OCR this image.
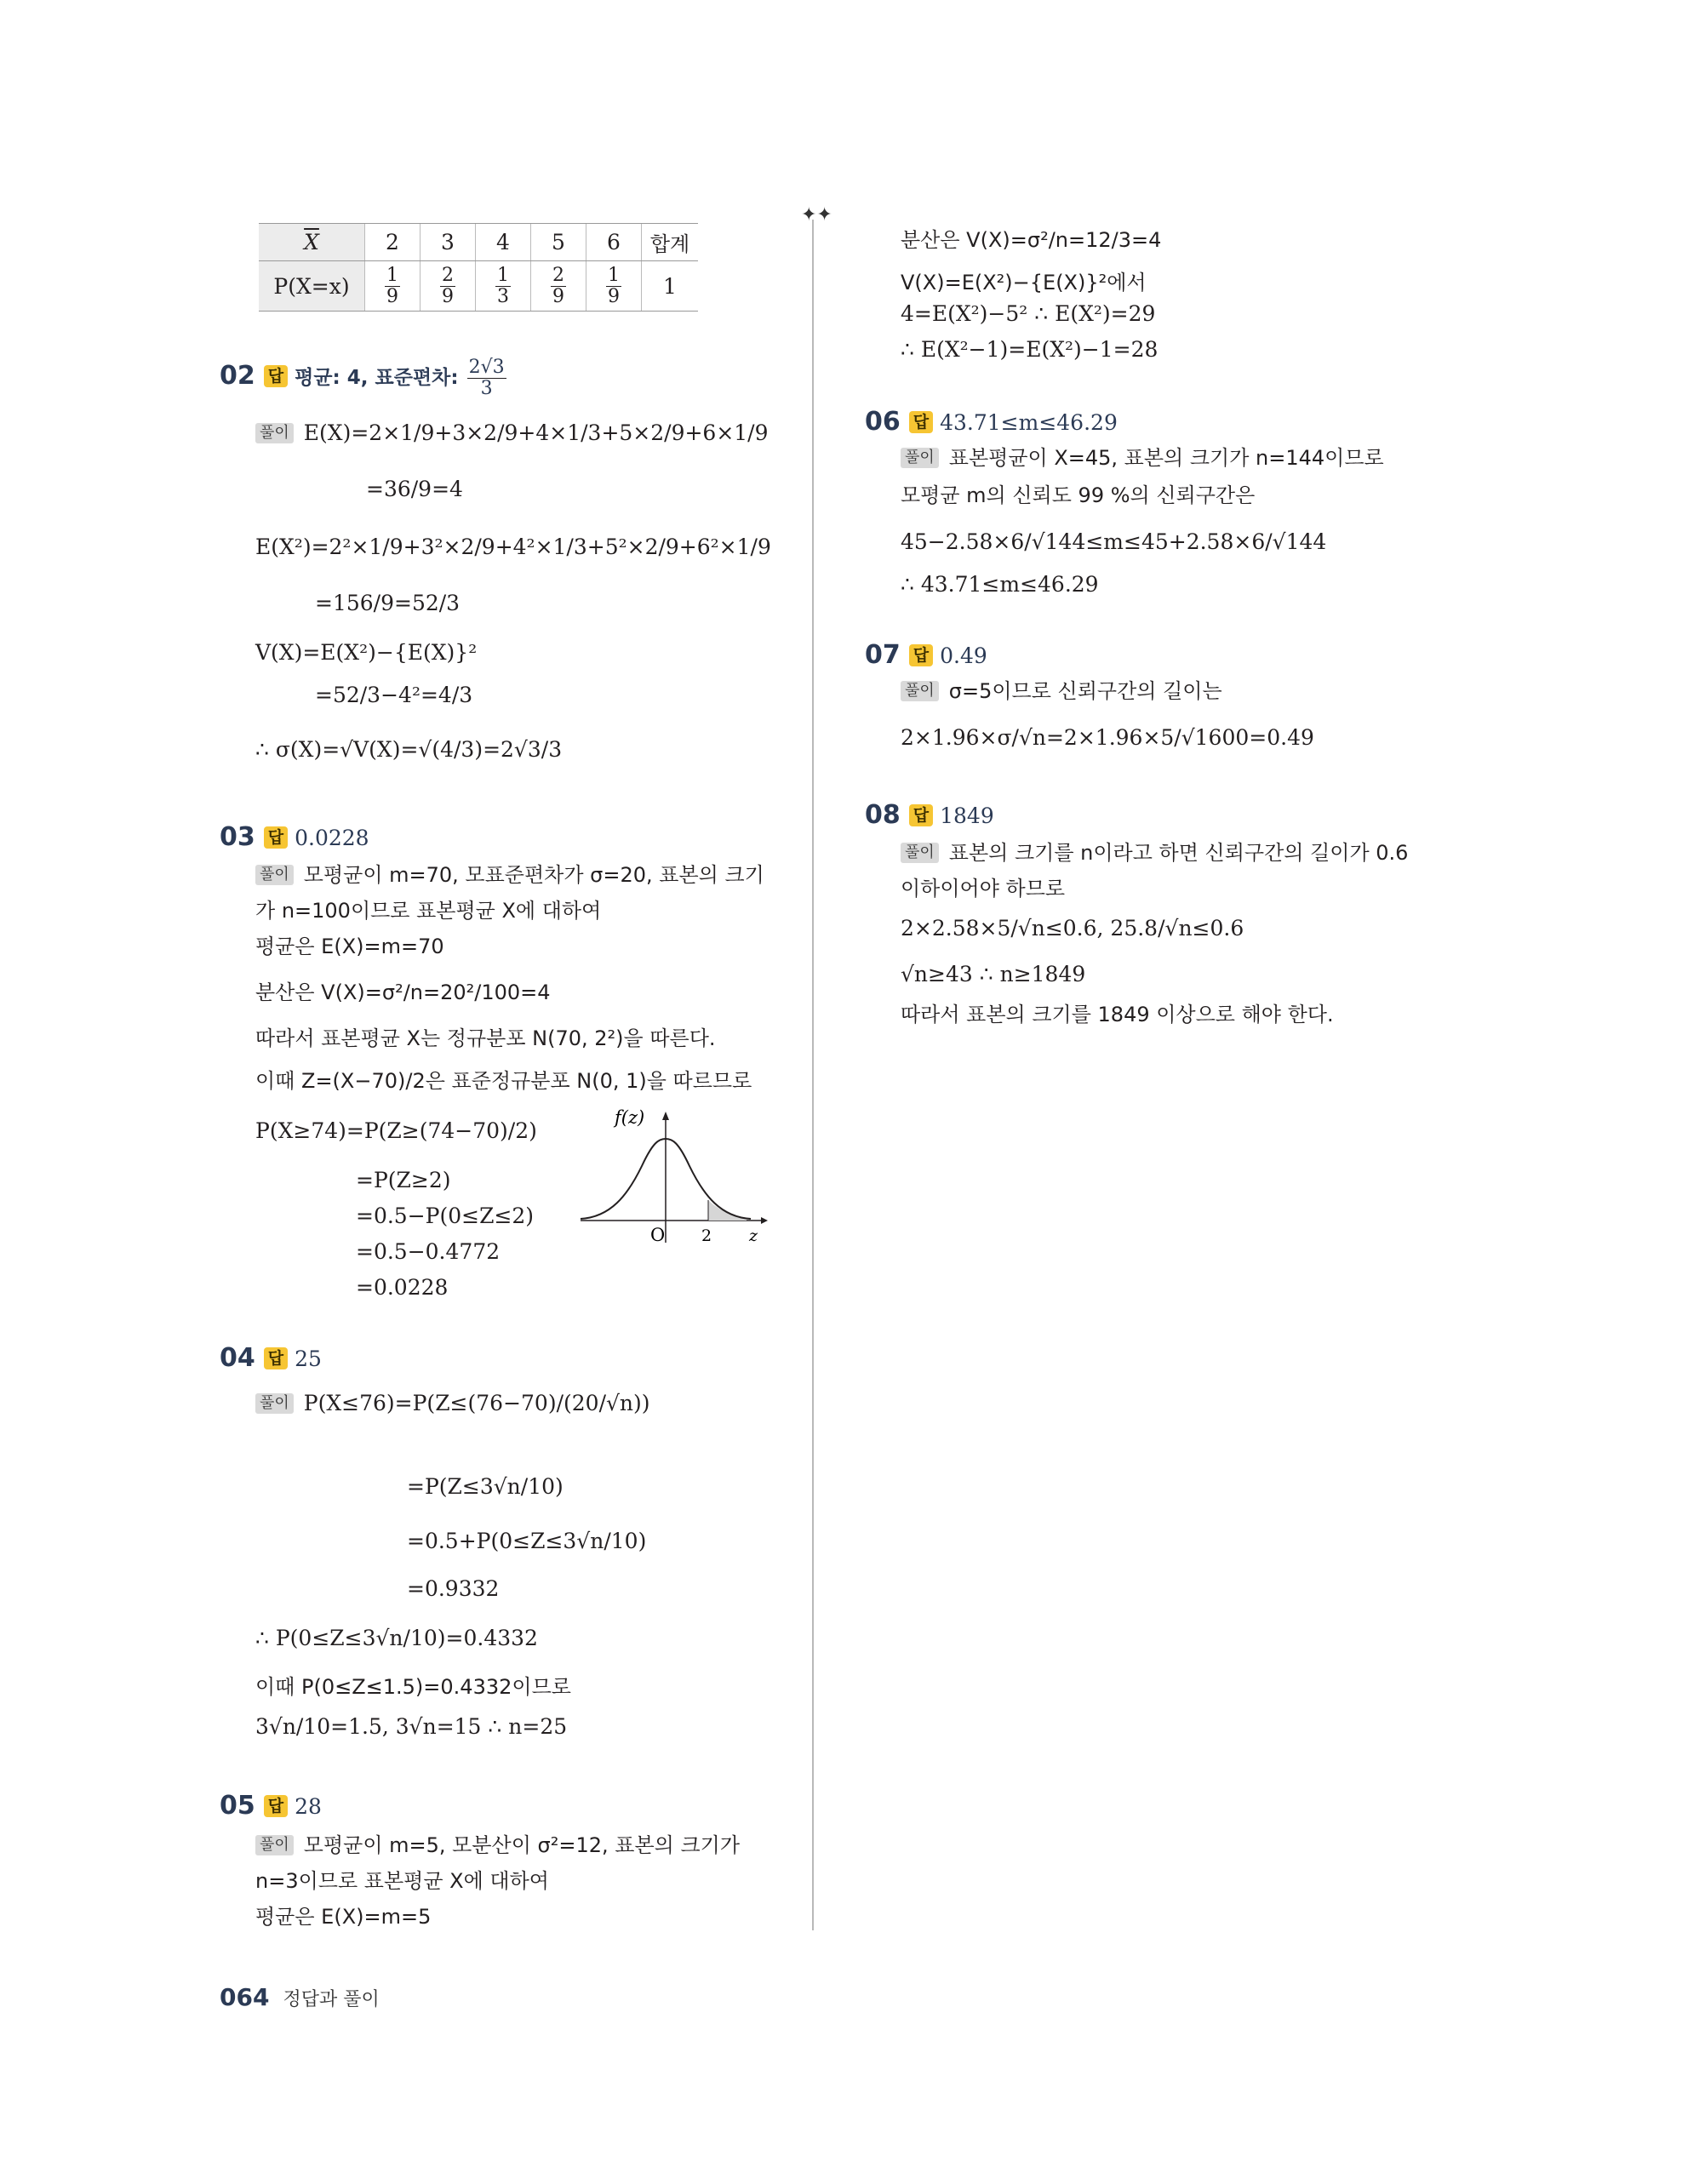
$\overline{X}$	2	3	4	5	6	합계
P(X=x)	$\frac{1}{9}$	$\frac{2}{9}$	$\frac{1}{3}$	$\frac{2}{9}$	$\frac{1}{9}$	1
02 답 평균: 4, 표준편차: $\frac{2√3}{3}$
풀이 E(X)=2×1/9+3×2/9+4×1/3+5×2/9+6×1/9
=36/9=4
E(X²)=2²×1/9+3²×2/9+4²×1/3+5²×2/9+6²×1/9
=156/9=52/3
V(X)=E(X²)−{E(X)}²
=52/3−4²=4/3
∴ σ(X)=√V(X)=√(4/3)=2√3/3
03 답 0.0228
풀이 모평균이 m=70, 모표준편차가 σ=20, 표본의 크기
가 n=100이므로 표본평균 X에 대하여
평균은 E(X)=m=70
분산은 V(X)=σ²/n=20²/100=4
따라서 표본평균 X는 정규분포 N(70, 2²)을 따른다.
이때 Z=(X−70)/2은 표준정규분포 N(0, 1)을 따르므로
P(X≥74)=P(Z≥(74−70)/2)
=P(Z≥2)
=0.5−P(0≤Z≤2)
=0.5−0.4772
=0.0228
f(z)
O 2 z
04 답 25
풀이 P(X≤76)=P(Z≤(76−70)/(20/√n))
=P(Z≤3√n/10)
=0.5+P(0≤Z≤3√n/10)
=0.9332
∴ P(0≤Z≤3√n/10)=0.4332
이때 P(0≤Z≤1.5)=0.4332이므로
3√n/10=1.5, 3√n=15 ∴ n=25
05 답 28
풀이 모평균이 m=5, 모분산이 σ²=12, 표본의 크기가
n=3이므로 표본평균 X에 대하여
평균은 E(X)=m=5
✦✦
분산은 V(X)=σ²/n=12/3=4
V(X)=E(X²)−{E(X)}²에서
4=E(X²)−5² ∴ E(X²)=29
∴ E(X²−1)=E(X²)−1=28
06 답 43.71≤m≤46.29
풀이 표본평균이 X=45, 표본의 크기가 n=144이므로
모평균 m의 신뢰도 99 %의 신뢰구간은
45−2.58×6/√144≤m≤45+2.58×6/√144
∴ 43.71≤m≤46.29
07 답 0.49
풀이 σ=5이므로 신뢰구간의 길이는
2×1.96×σ/√n=2×1.96×5/√1600=0.49
08 답 1849
풀이 표본의 크기를 n이라고 하면 신뢰구간의 길이가 0.6
이하이어야 하므로
2×2.58×5/√n≤0.6, 25.8/√n≤0.6
√n≥43 ∴ n≥1849
따라서 표본의 크기를 1849 이상으로 해야 한다.
064 정답과 풀이
